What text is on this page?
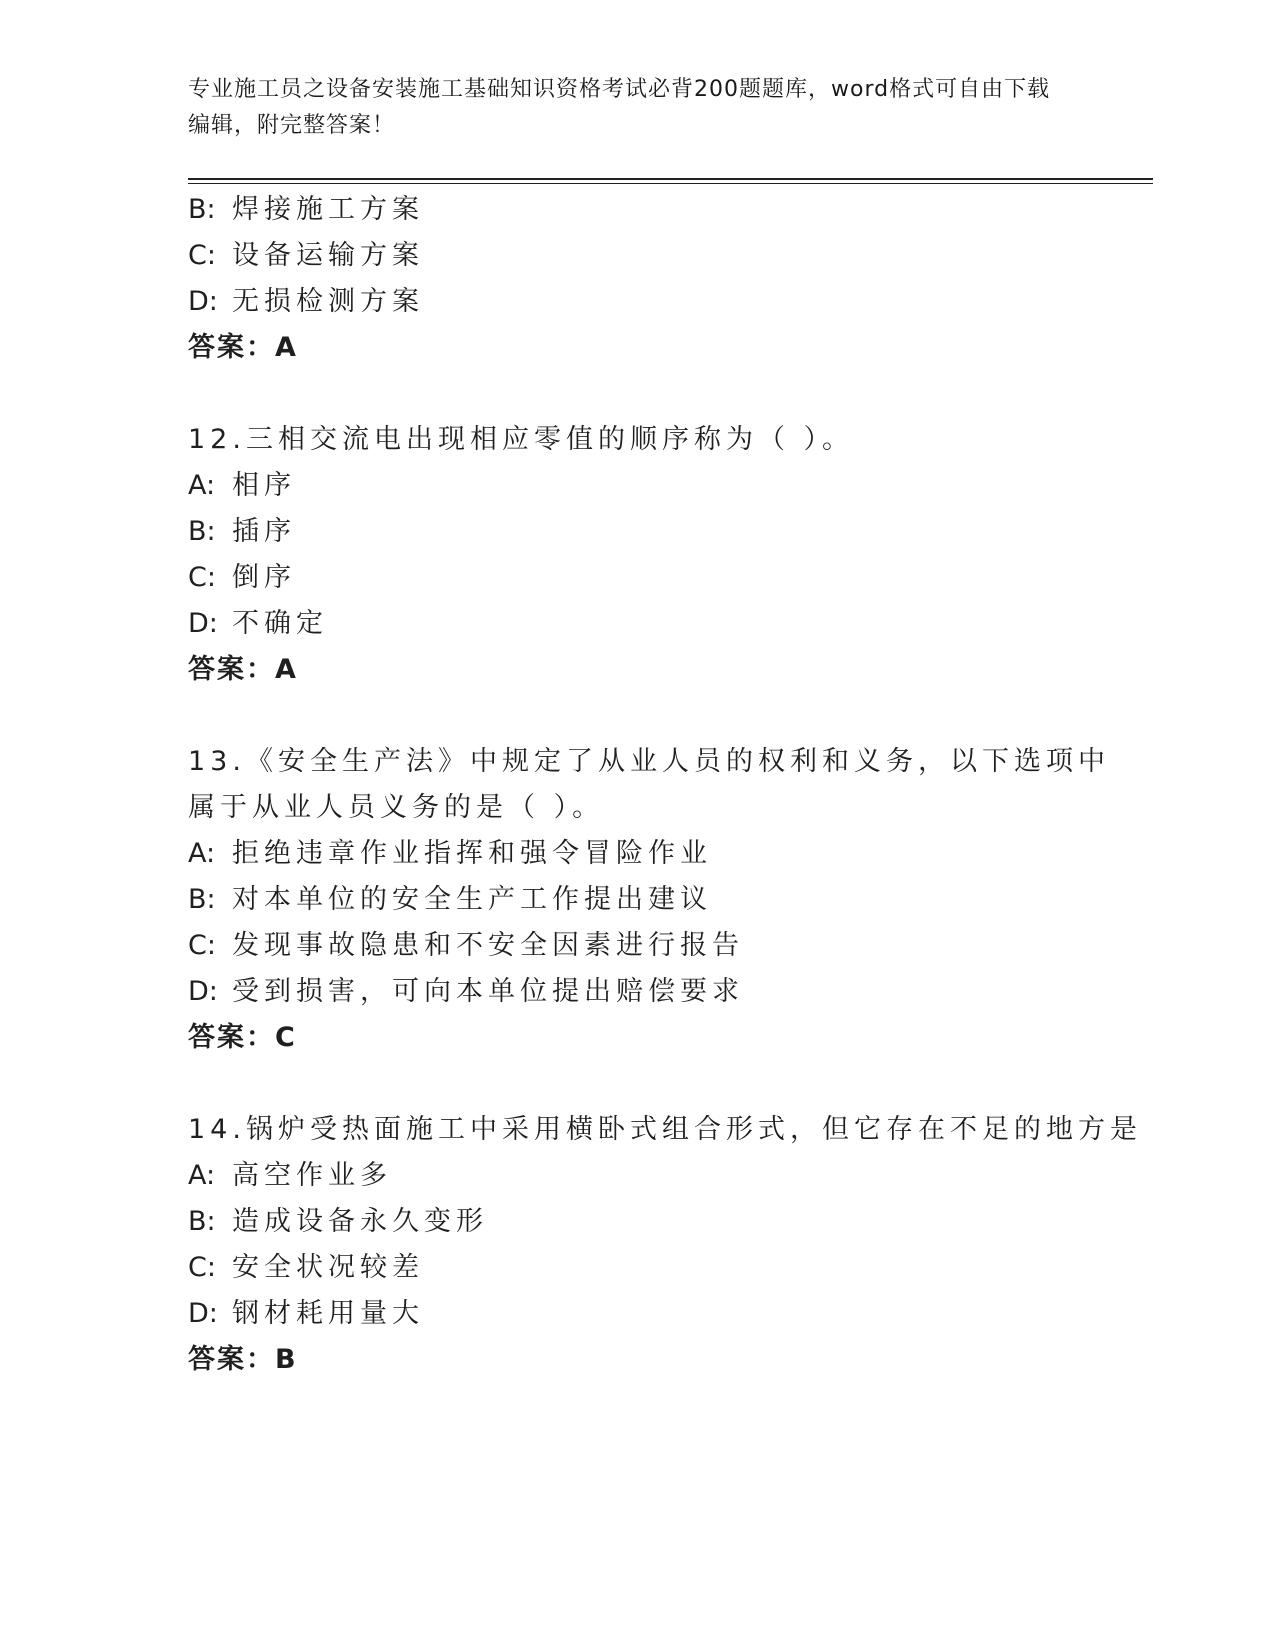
专业施工员之设备安装施工基础知识资格考试必背200题题库，word格式可自由下载编辑，附完整答案！
B: 焊接施工方案
C: 设备运输方案
D: 无损检测方案
答案：A
12.三相交流电出现相应零值的顺序称为（ ）。
A: 相序
B: 插序
C: 倒序
D: 不确定
答案：A
13.《安全生产法》中规定了从业人员的权利和义务，以下选项中属于从业人员义务的是（ ）。
A: 拒绝违章作业指挥和强令冒险作业
B: 对本单位的安全生产工作提出建议
C: 发现事故隐患和不安全因素进行报告
D: 受到损害，可向本单位提出赔偿要求
答案：C
14.锅炉受热面施工中采用横卧式组合形式，但它存在不足的地方是
A: 高空作业多
B: 造成设备永久变形
C: 安全状况较差
D: 钢材耗用量大
答案：B
